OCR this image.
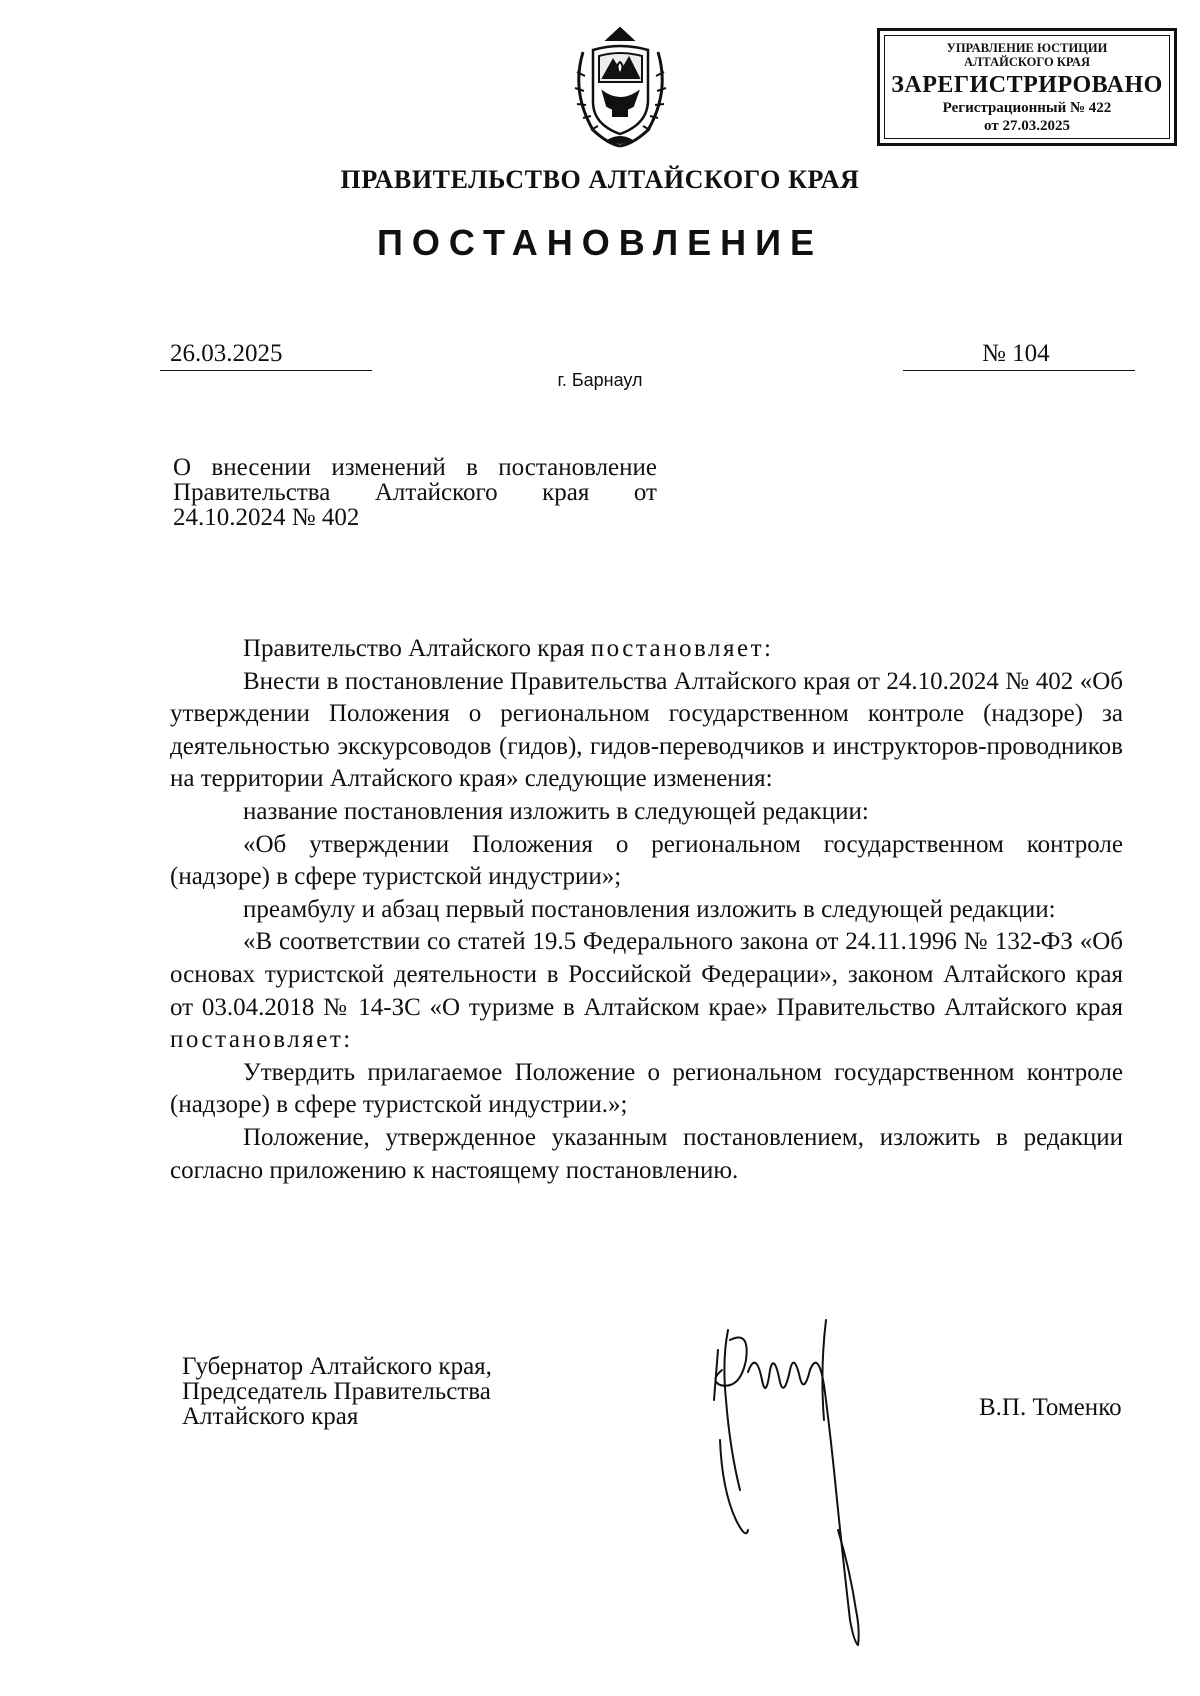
УПРАВЛЕНИЕ ЮСТИЦИИ
АЛТАЙСКОГО КРАЯ
ЗАРЕГИСТРИРОВАНО
Регистрационный № 422
от 27.03.2025
ПРАВИТЕЛЬСТВО АЛТАЙСКОГО КРАЯ
ПОСТАНОВЛЕНИЕ
26.03.2025	№ 104
г. Барнаул
О внесении изменений в постановление Правительства Алтайского края от 24.10.2024 № 402

Правительство Алтайского края постановляет:

Внести в постановление Правительства Алтайского края от 24.10.2024 № 402 «Об утверждении Положения о региональном государственном контроле (надзоре) за деятельностью экскурсоводов (гидов), гидов-переводчиков и инструкторов-проводников на территории Алтайского края» следующие изменения:

название постановления изложить в следующей редакции:

«Об утверждении Положения о региональном государственном контроле (надзоре) в сфере туристской индустрии»;

преамбулу и абзац первый постановления изложить в следующей редакции:

«В соответствии со статей 19.5 Федерального закона от 24.11.1996 № 132-ФЗ «Об основах туристской деятельности в Российской Федерации», законом Алтайского края от 03.04.2018 № 14-ЗС «О туризме в Алтайском крае» Правительство Алтайского края постановляет:

Утвердить прилагаемое Положение о региональном государственном контроле (надзоре) в сфере туристской индустрии.»;

Положение, утвержденное указанным постановлением, изложить в редакции согласно приложению к настоящему постановлению.

Губернатор Алтайского края,
Председатель Правительства
Алтайского края	В.П. Томенко
